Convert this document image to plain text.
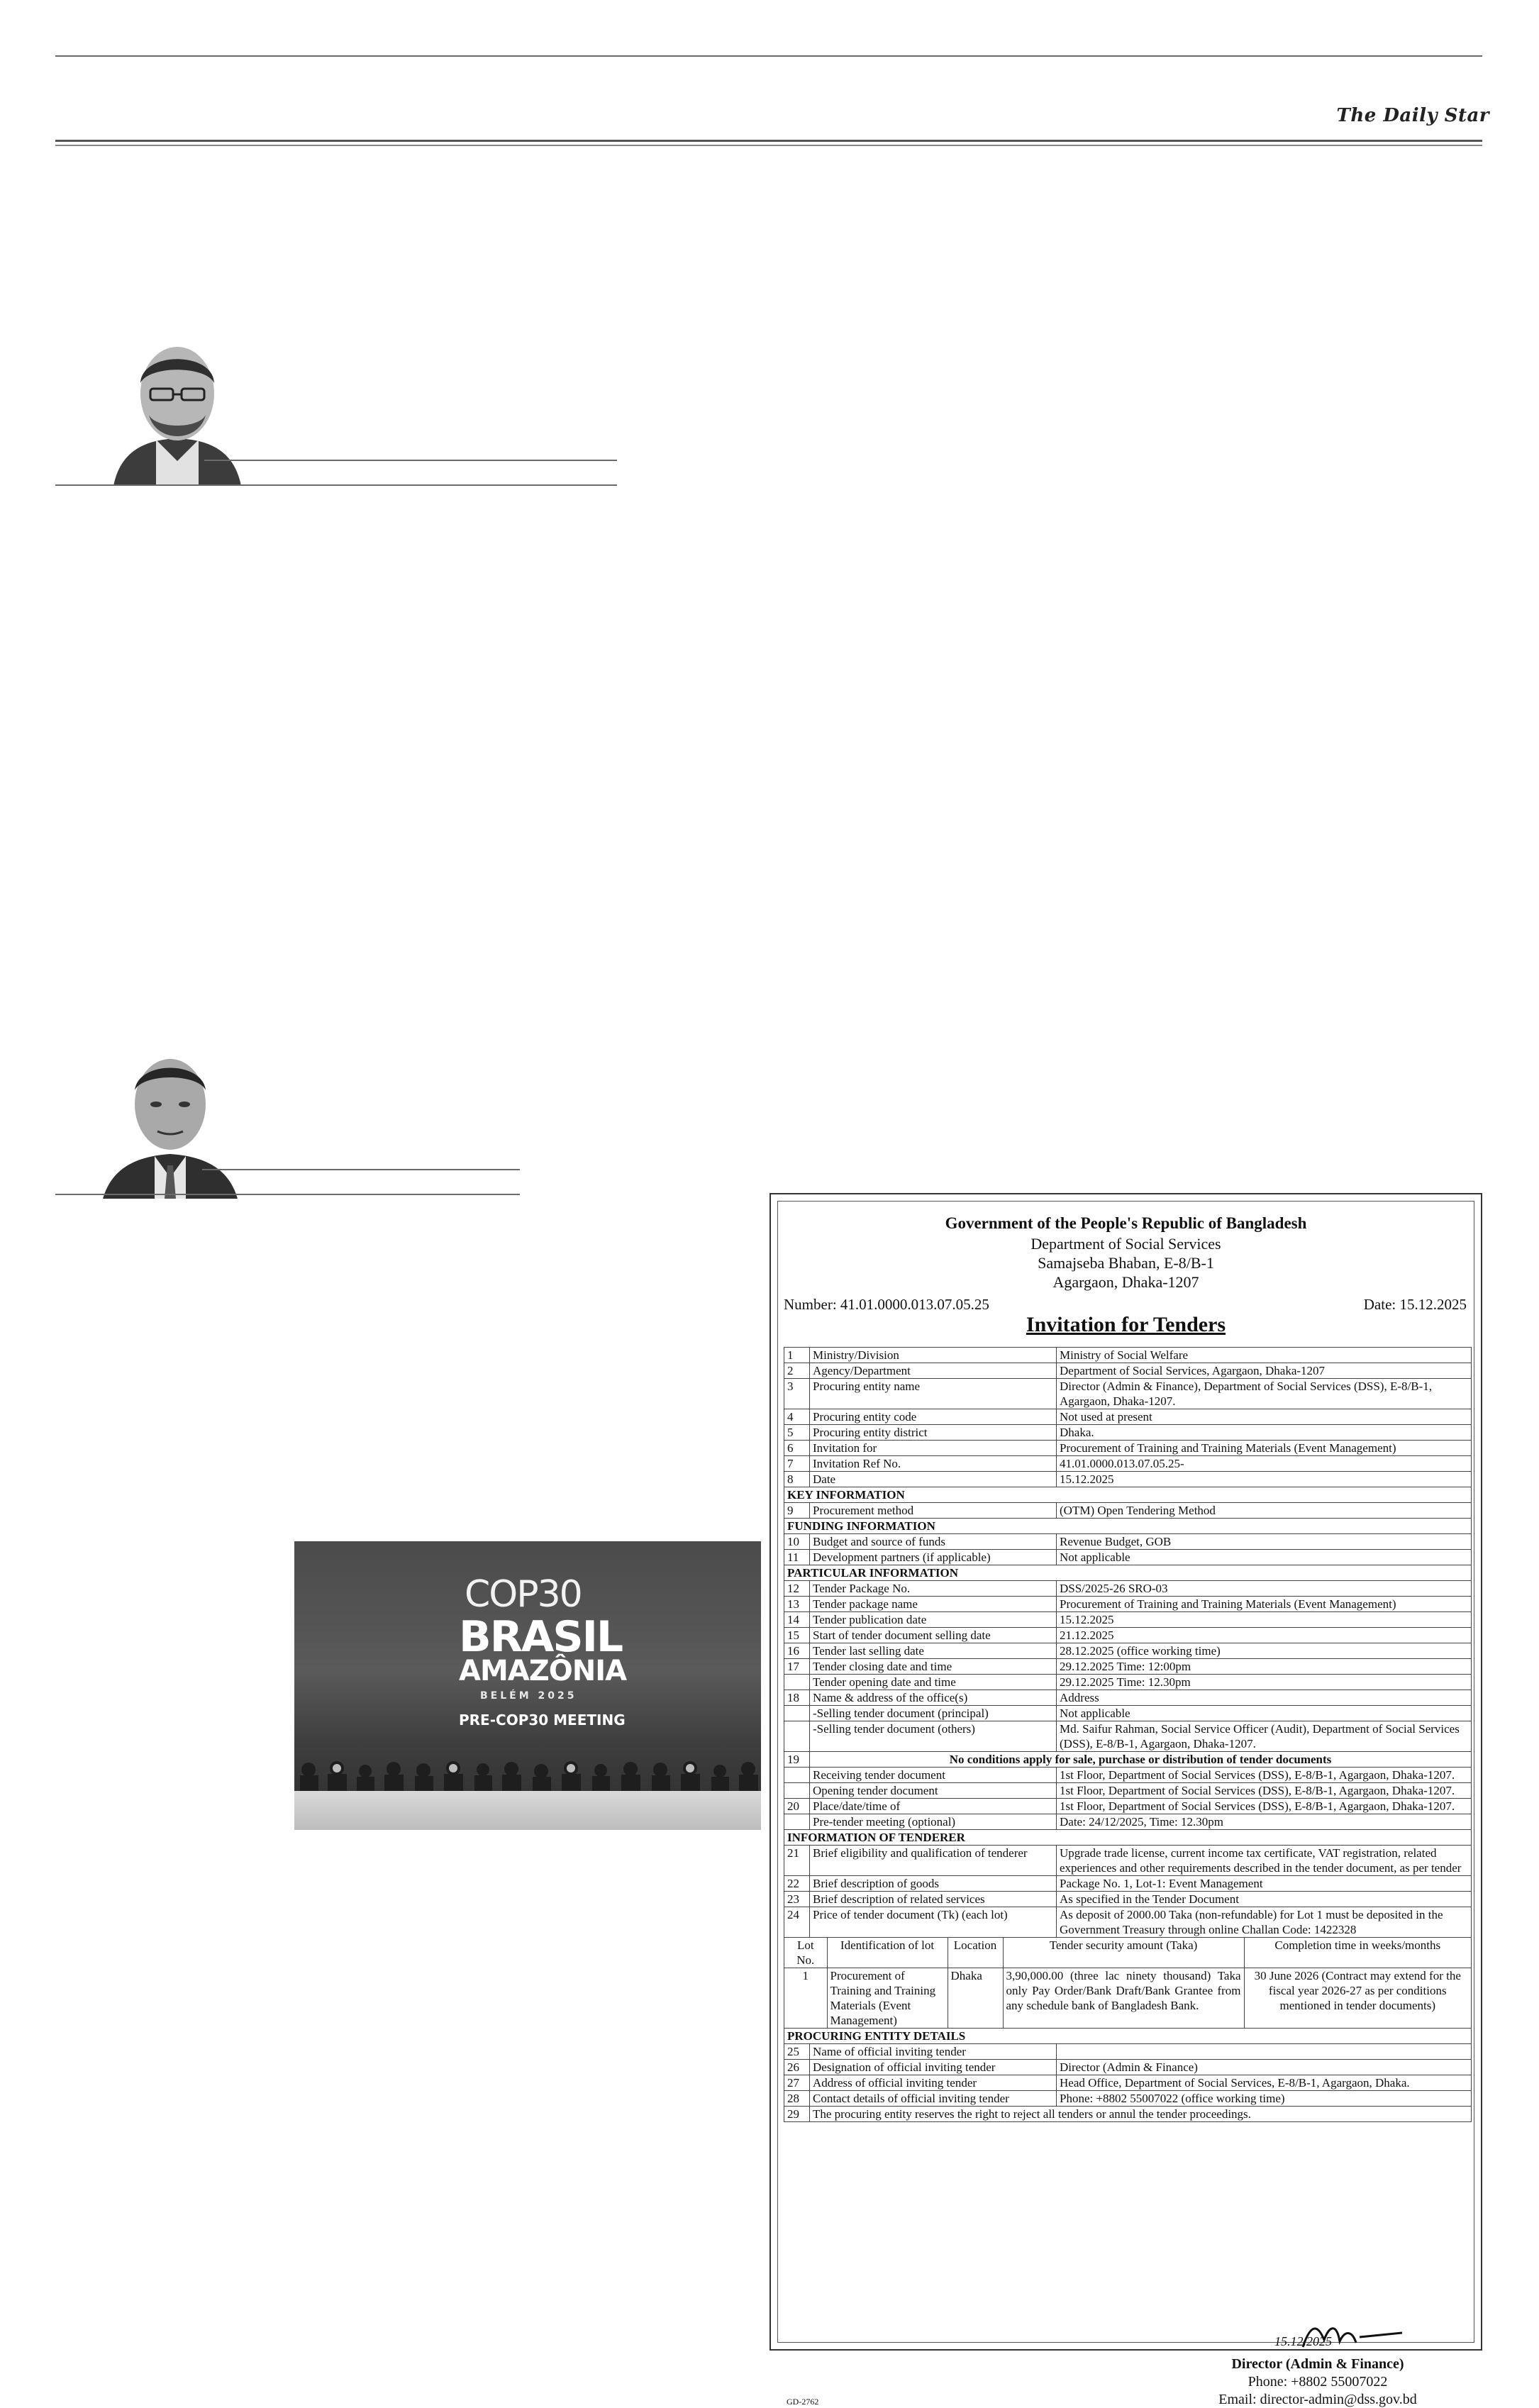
The Daily Star
COP30
BRASIL
AMAZÔNIA
BELÉM 2025
PRE-COP30 MEETING
Government of the People's Republic of Bangladesh
Department of Social Services
Samajseba Bhaban, E-8/B-1
Agargaon, Dhaka-1207
Number: 41.01.0000.013.07.05.25	Date: 15.12.2025
Invitation for Tenders
1	Ministry/Division	Ministry of Social Welfare
2	Agency/Department	Department of Social Services, Agargaon, Dhaka-1207
3	Procuring entity name	Director (Admin & Finance), Department of Social Services (DSS), E-8/B-1, Agargaon, Dhaka-1207.
4	Procuring entity code	Not used at present
5	Procuring entity district	Dhaka.
6	Invitation for	Procurement of Training and Training Materials (Event Management)
7	Invitation Ref No.	41.01.0000.013.07.05.25-
8	Date	15.12.2025
KEY INFORMATION
9	Procurement method	(OTM) Open Tendering Method
FUNDING INFORMATION
10	Budget and source of funds	Revenue Budget, GOB
11	Development partners (if applicable)	Not applicable
PARTICULAR INFORMATION
12	Tender Package No.	DSS/2025-26 SRO-03
13	Tender package name	Procurement of Training and Training Materials (Event Management)
14	Tender publication date	15.12.2025
15	Start of tender document selling date	21.12.2025
16	Tender last selling date	28.12.2025 (office working time)
17	Tender closing date and time	29.12.2025 Time: 12:00pm
	Tender opening date and time	29.12.2025 Time: 12.30pm
18	Name & address of the office(s)	Address
	-Selling tender document (principal)	Not applicable
	-Selling tender document (others)	Md. Saifur Rahman, Social Service Officer (Audit), Department of Social Services (DSS), E-8/B-1, Agargaon, Dhaka-1207.
19	No conditions apply for sale, purchase or distribution of tender documents
	Receiving tender document	1st Floor, Department of Social Services (DSS), E-8/B-1, Agargaon, Dhaka-1207.
	Opening tender document	1st Floor, Department of Social Services (DSS), E-8/B-1, Agargaon, Dhaka-1207.
20	Place/date/time of	1st Floor, Department of Social Services (DSS), E-8/B-1, Agargaon, Dhaka-1207.
	Pre-tender meeting (optional)	Date: 24/12/2025, Time: 12.30pm
INFORMATION OF TENDERER
21	Brief eligibility and qualification of tenderer	Upgrade trade license, current income tax certificate, VAT registration, related experiences and other requirements described in the tender document, as per tender
22	Brief description of goods	Package No. 1, Lot-1: Event Management
23	Brief description of related services	As specified in the Tender Document
24	Price of tender document (Tk) (each lot)	As deposit of 2000.00 Taka (non-refundable) for Lot 1 must be deposited in the Government Treasury through online Challan Code: 1422328

Lot No.	Identification of lot	Location	Tender security amount (Taka)	Completion time in weeks/months
1	Procurement of Training and Training Materials (Event Management)	Dhaka	3,90,000.00 (three lac ninety thousand) Taka only Pay Order/Bank Draft/Bank Grantee from any schedule bank of Bangladesh Bank.	30 June 2026 (Contract may extend for the fiscal year 2026-27 as per conditions mentioned in tender documents)

PROCURING ENTITY DETAILS
25	Name of official inviting tender	
26	Designation of official inviting tender	Director (Admin & Finance)
27	Address of official inviting tender	Head Office, Department of Social Services, E-8/B-1, Agargaon, Dhaka.
28	Contact details of official inviting tender	Phone: +8802 55007022 (office working time)
29	The procuring entity reserves the right to reject all tenders or annul the tender proceedings.
15.12.2025
Director (Admin & Finance)
Phone: +8802 55007022
Email: director-admin@dss.gov.bd
GD-2762
